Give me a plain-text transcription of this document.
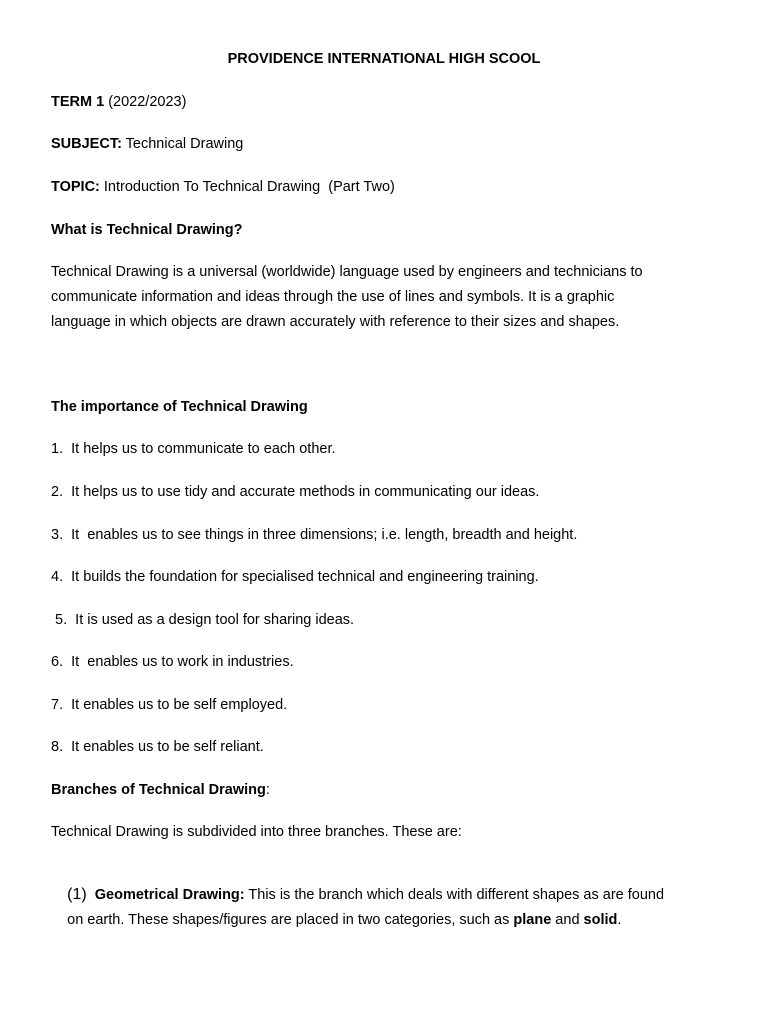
PROVIDENCE INTERNATIONAL HIGH SCOOL
TERM 1 (2022/2023)
SUBJECT: Technical Drawing
TOPIC: Introduction To Technical Drawing  (Part Two)
What is Technical Drawing?
Technical Drawing is a universal (worldwide) language used by engineers and technicians to
communicate information and ideas through the use of lines and symbols. It is a graphic
language in which objects are drawn accurately with reference to their sizes and shapes.
The importance of Technical Drawing
1.  It helps us to communicate to each other.
2.  It helps us to use tidy and accurate methods in communicating our ideas.
3.  It  enables us to see things in three dimensions; i.e. length, breadth and height.
4.  It builds the foundation for specialised technical and engineering training.
5.  It is used as a design tool for sharing ideas.
6.  It  enables us to work in industries.
7.  It enables us to be self employed.
8.  It enables us to be self reliant.
Branches of Technical Drawing:
Technical Drawing is subdivided into three branches. These are:

(1) Geometrical Drawing: This is the branch which deals with different shapes as are found

on earth. These shapes/figures are placed in two categories, such as plane and solid.
